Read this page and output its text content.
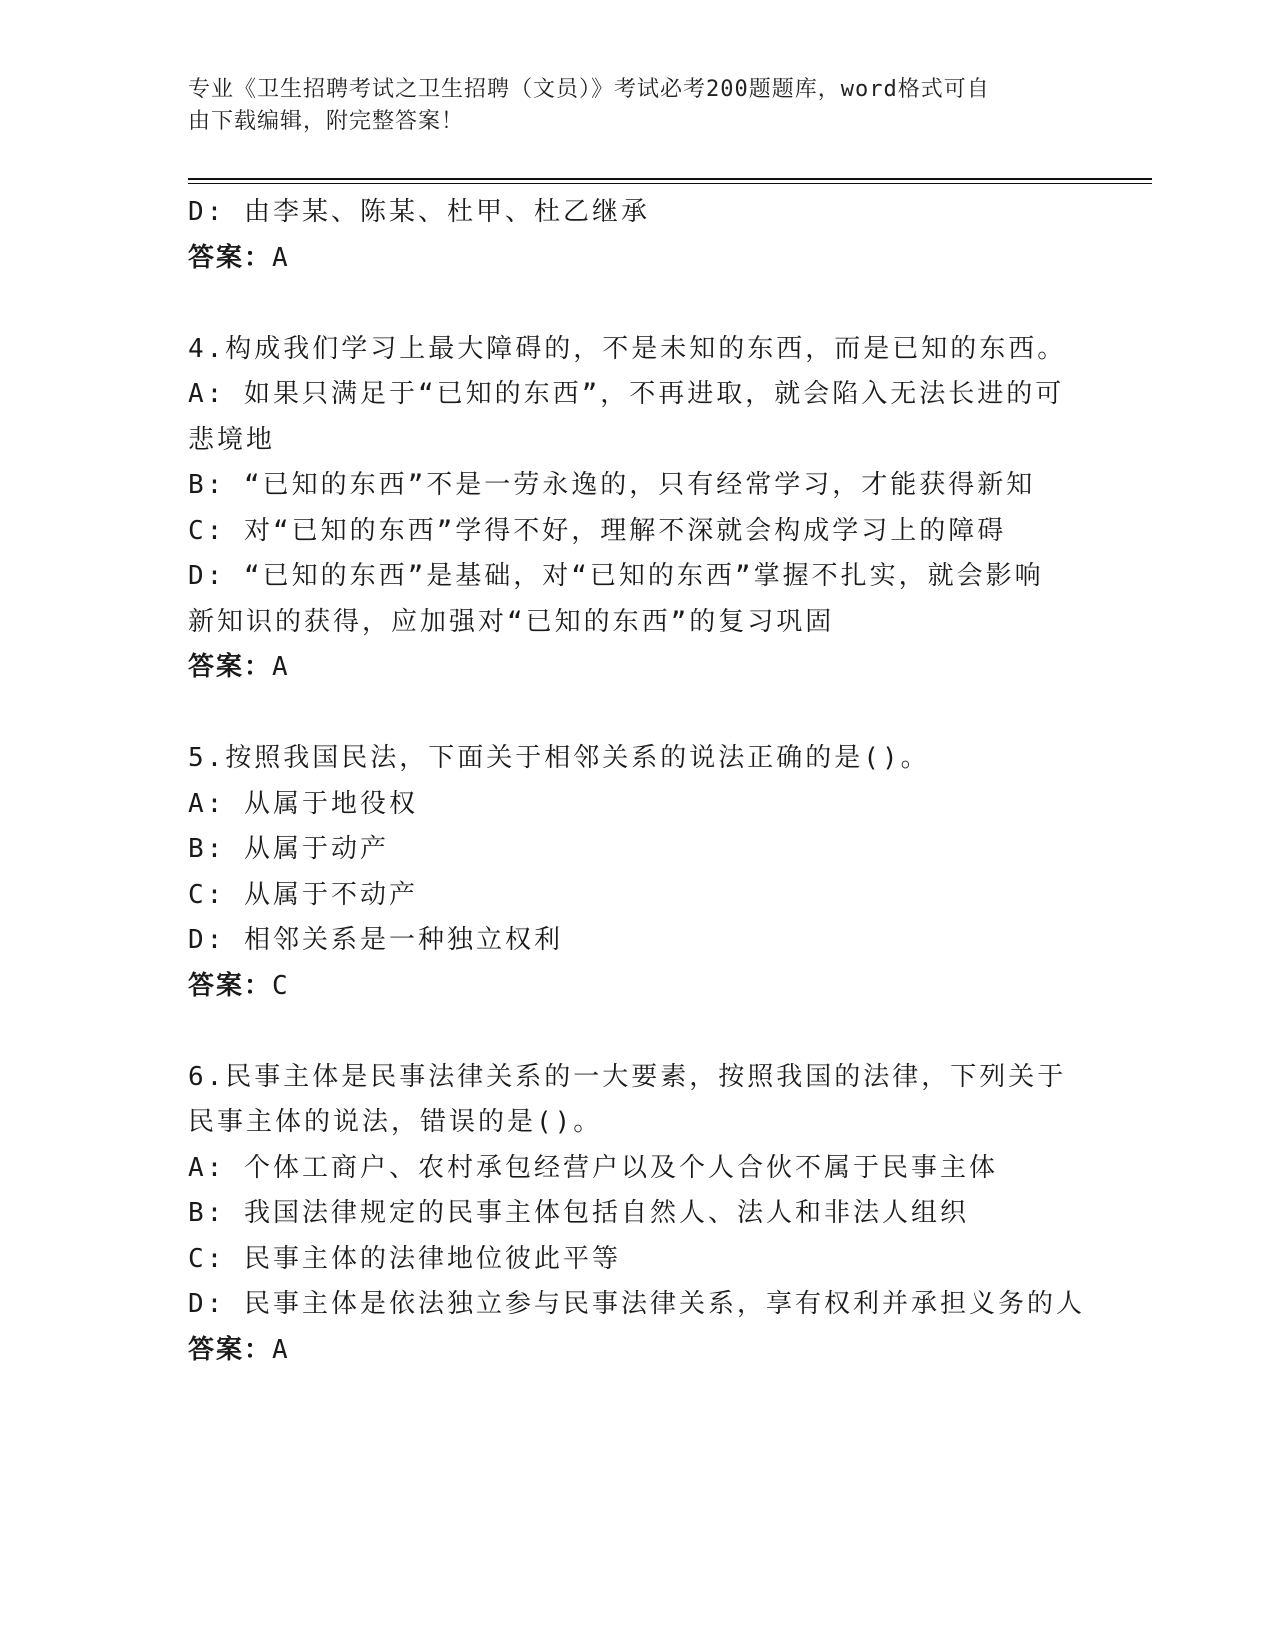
专业《卫生招聘考试之卫生招聘（文员）》考试必考200题题库，word格式可自
由下载编辑，附完整答案！
D: 由李某、陈某、杜甲、杜乙继承
答案：A
4.构成我们学习上最大障碍的，不是未知的东西，而是已知的东西。
A: 如果只满足于“已知的东西”，不再进取，就会陷入无法长进的可
悲境地
B: “已知的东西”不是一劳永逸的，只有经常学习，才能获得新知
C: 对“已知的东西”学得不好，理解不深就会构成学习上的障碍
D: “已知的东西”是基础，对“已知的东西”掌握不扎实，就会影响
新知识的获得，应加强对“已知的东西”的复习巩固
答案：A
5.按照我国民法，下面关于相邻关系的说法正确的是()。
A: 从属于地役权
B: 从属于动产
C: 从属于不动产
D: 相邻关系是一种独立权利
答案：C
6.民事主体是民事法律关系的一大要素，按照我国的法律，下列关于
民事主体的说法，错误的是()。
A: 个体工商户、农村承包经营户以及个人合伙不属于民事主体
B: 我国法律规定的民事主体包括自然人、法人和非法人组织
C: 民事主体的法律地位彼此平等
D: 民事主体是依法独立参与民事法律关系，享有权利并承担义务的人
答案：A
